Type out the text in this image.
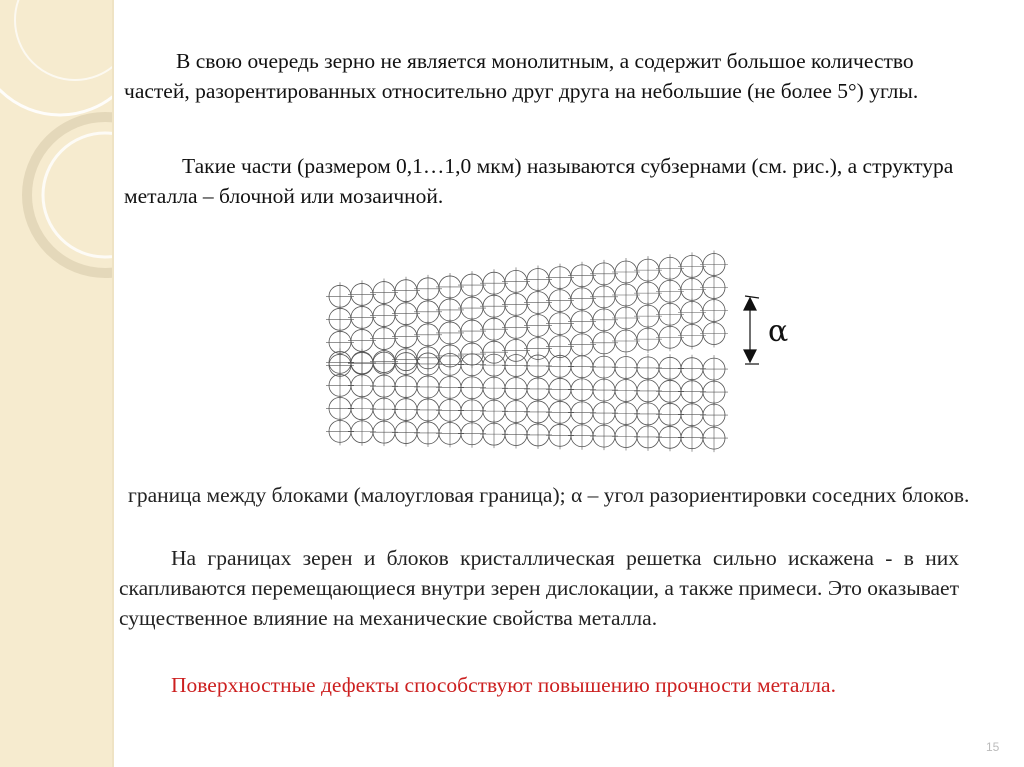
В свою очередь зерно не является монолитным, а содержит большое количество частей, разорентированных относительно друг друга на небольшие (не более 5°) углы.

Такие части (размером 0,1…1,0 мкм) называются субзернами (см. рис.), а структура металла – блочной или мозаичной.

α

граница между блоками (малоугловая граница); α – угол разориентировки соседних блоков.

На границах зерен и блоков кристаллическая решетка сильно искажена - в них скапливаются перемещающиеся внутри зерен дислокации, а также примеси. Это оказывает существенное влияние на механические свойства металла.

Поверхностные дефекты способствуют повышению прочности металла.

15
